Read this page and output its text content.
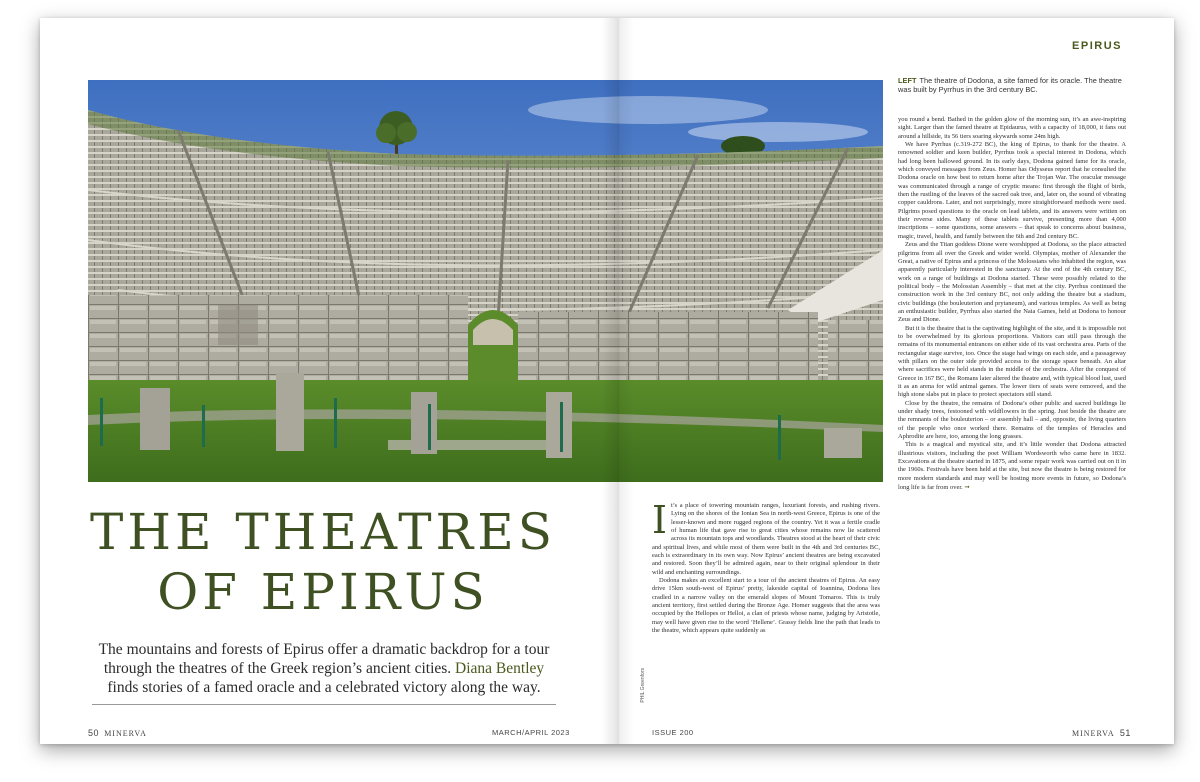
EPIRUS
LEFT The theatre of Dodona, a site famed for its oracle. The theatre was built by Pyrrhus in the 3rd century BC.
THE THEATRES
OF EPIRUS
The mountains and forests of Epirus offer a dramatic backdrop for a tour through the theatres of the Greek region’s ancient cities. Diana Bentley finds stories of a famed oracle and a celebrated victory along the way.	PHIL Greenfors
I t’s a place of towering mountain ranges, luxuriant forests, and rushing rivers. Lying on the shores of the Ionian Sea in north-west Greece, Epirus is one of the lesser-known and more rugged regions of the country. Yet it was a fertile cradle of human life that gave rise to great cities whose remains now lie scattered across its mountain tops and woodlands. Theatres stood at the heart of their civic and spiritual lives, and while most of them were built in the 4th and 3rd centuries BC, each is extraordinary in its own way. Now Epirus’ ancient theatres are being excavated and restored. Soon they’ll be admired again, near to their original splendour in their wild and enchanting surroundings.

Dodona makes an excellent start to a tour of the ancient theatres of Epirus. An easy drive 15km south-west of Epirus’ pretty, lakeside capital of Ioannina, Dodona lies cradled in a narrow valley on the emerald slopes of Mount Tomaros. This is truly ancient territory, first settled during the Bronze Age. Homer suggests that the area was occupied by the Hellopes or Helloi, a clan of priests whose name, judging by Aristotle, may well have given rise to the word ‘Hellene’. Grassy fields line the path that leads to the theatre, which appears quite suddenly as

you round a bend. Bathed in the golden glow of the morning sun, it’s an awe-inspiring sight. Larger than the famed theatre at Epidaurus, with a capacity of 18,000, it fans out around a hillside, its 56 tiers soaring skywards some 24m high.

We have Pyrrhus (c.319-272 BC), the king of Epirus, to thank for the theatre. A renowned soldier and keen builder, Pyrrhus took a special interest in Dodona, which had long been hallowed ground. In its early days, Dodona gained fame for its oracle, which conveyed messages from Zeus. Homer has Odysseus report that he consulted the Dodona oracle on how best to return home after the Trojan War. The oracular message was communicated through a range of cryptic means: first through the flight of birds, then the rustling of the leaves of the sacred oak tree, and, later on, the sound of vibrating copper cauldrons. Later, and not surprisingly, more straightforward methods were used. Pilgrims posed questions to the oracle on lead tablets, and its answers were written on their reverse sides. Many of these tablets survive, presenting more than 4,000 inscriptions – some questions, some answers – that speak to concerns about business, magic, travel, health, and family between the 6th and 2nd century BC.

Zeus and the Titan goddess Dione were worshipped at Dodona, so the place attracted pilgrims from all over the Greek and wider world. Olympias, mother of Alexander the Great, a native of Epirus and a princess of the Molossians who inhabited the region, was apparently particularly interested in the sanctuary. At the end of the 4th century BC, work on a range of buildings at Dodona started. These were possibly related to the political body – the Molossian Assembly – that met at the city. Pyrrhus continued the construction work in the 3rd century BC, not only adding the theatre but a stadium, civic buildings (the bouleuterion and prytaneum), and various temples. As well as being an enthusiastic builder, Pyrrhus also started the Naia Games, held at Dodona to honour Zeus and Dione.

But it is the theatre that is the captivating highlight of the site, and it is impossible not to be overwhelmed by its glorious proportions. Visitors can still pass through the remains of its monumental entrances on either side of its vast orchestra area. Parts of the rectangular stage survive, too. Once the stage had wings on each side, and a passageway with pillars on the outer side provided access to the storage space beneath. An altar where sacrifices were held stands in the middle of the orchestra. After the conquest of Greece in 167 BC, the Romans later altered the theatre and, with typical blood lust, used it as an arena for wild animal games. The lower tiers of seats were removed, and the high stone slabs put in place to protect spectators still stand.

Close by the theatre, the remains of Dodona’s other public and sacred buildings lie under shady trees, festooned with wildflowers in the spring. Just beside the theatre are the remnants of the bouleuterion – or assembly hall – and, opposite, the living quarters of the people who once worked there. Remains of the temples of Heracles and Aphrodite are here, too, among the long grasses.

This is a magical and mystical site, and it’s little wonder that Dodona attracted illustrious visitors, including the poet William Wordsworth who came here in 1832. Excavations at the theatre started in 1875, and some repair work was carried out on it in the 1960s. Festivals have been held at the site, but now the theatre is being restored for more modern standards and may well be hosting more events in future, so Dodona’s long life is far from over. ➞

50 MINERVA	MARCH/APRIL 2023	ISSUE 200	MINERVA 51
